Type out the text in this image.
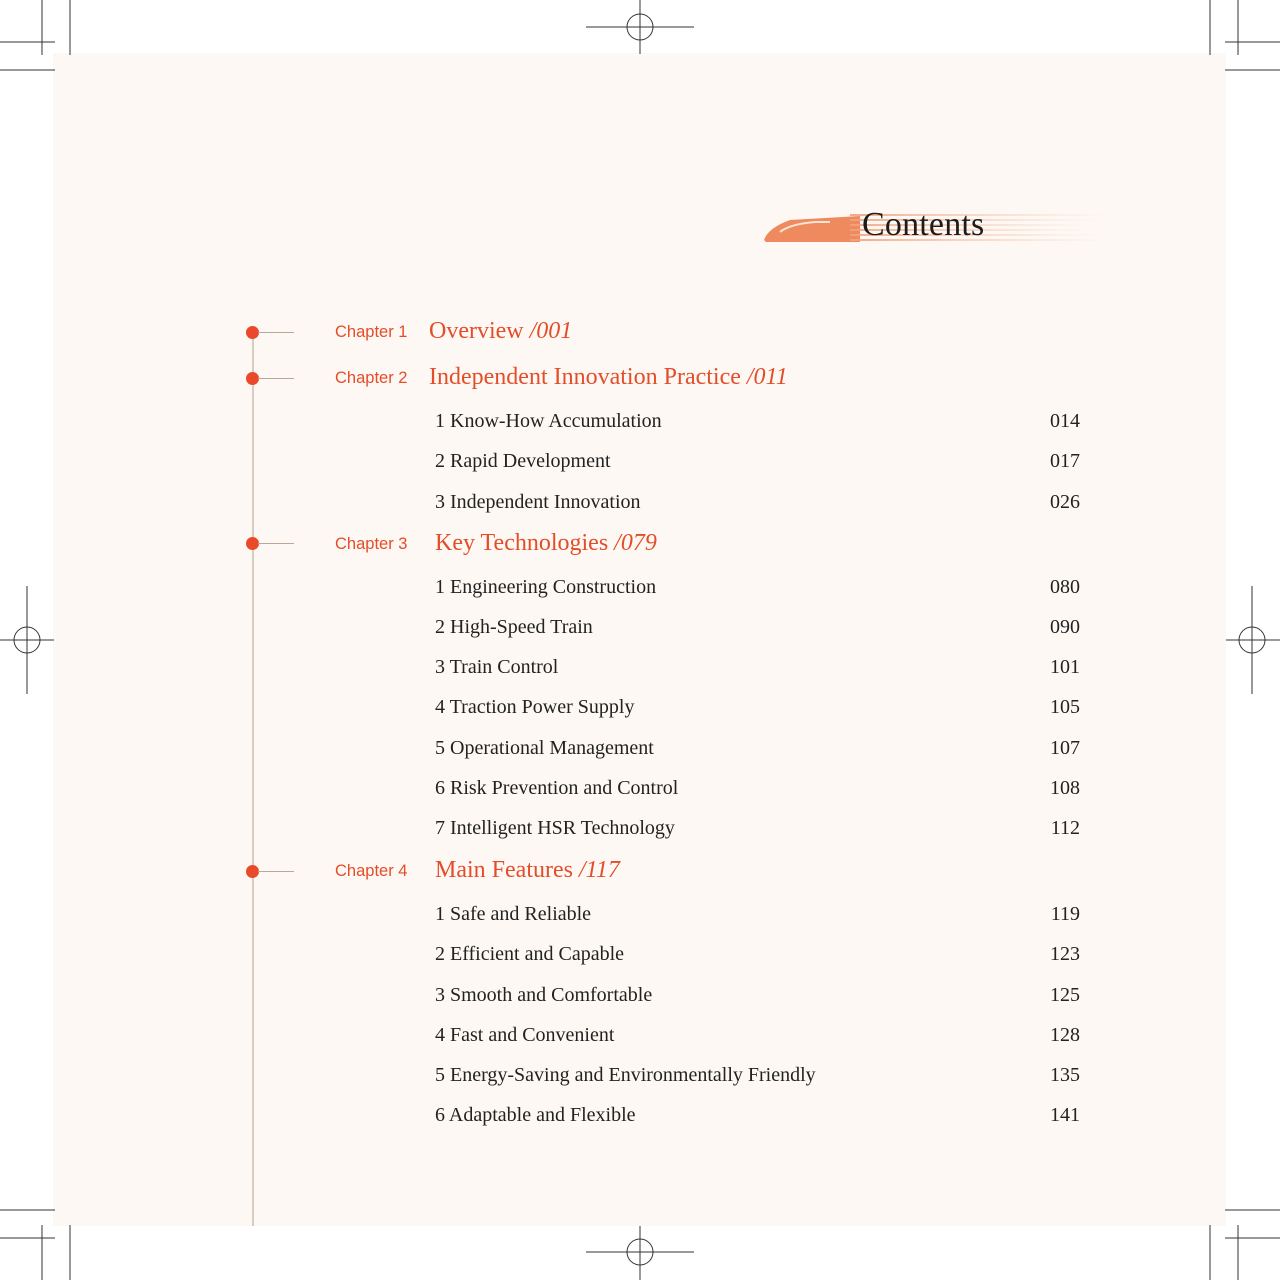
Contents
Chapter 1 Overview /001
Chapter 2 Independent Innovation Practice /011
1 Know-How Accumulation	014
2 Rapid Development	017
3 Independent Innovation	026
Chapter 3 Key Technologies /079
1 Engineering Construction	080
2 High-Speed Train	090
3 Train Control	101
4 Traction Power Supply	105
5 Operational Management	107
6 Risk Prevention and Control	108
7 Intelligent HSR Technology	112
Chapter 4 Main Features /117
1 Safe and Reliable	119
2 Efficient and Capable	123
3 Smooth and Comfortable	125
4 Fast and Convenient	128
5 Energy-Saving and Environmentally Friendly	135
6 Adaptable and Flexible	141
